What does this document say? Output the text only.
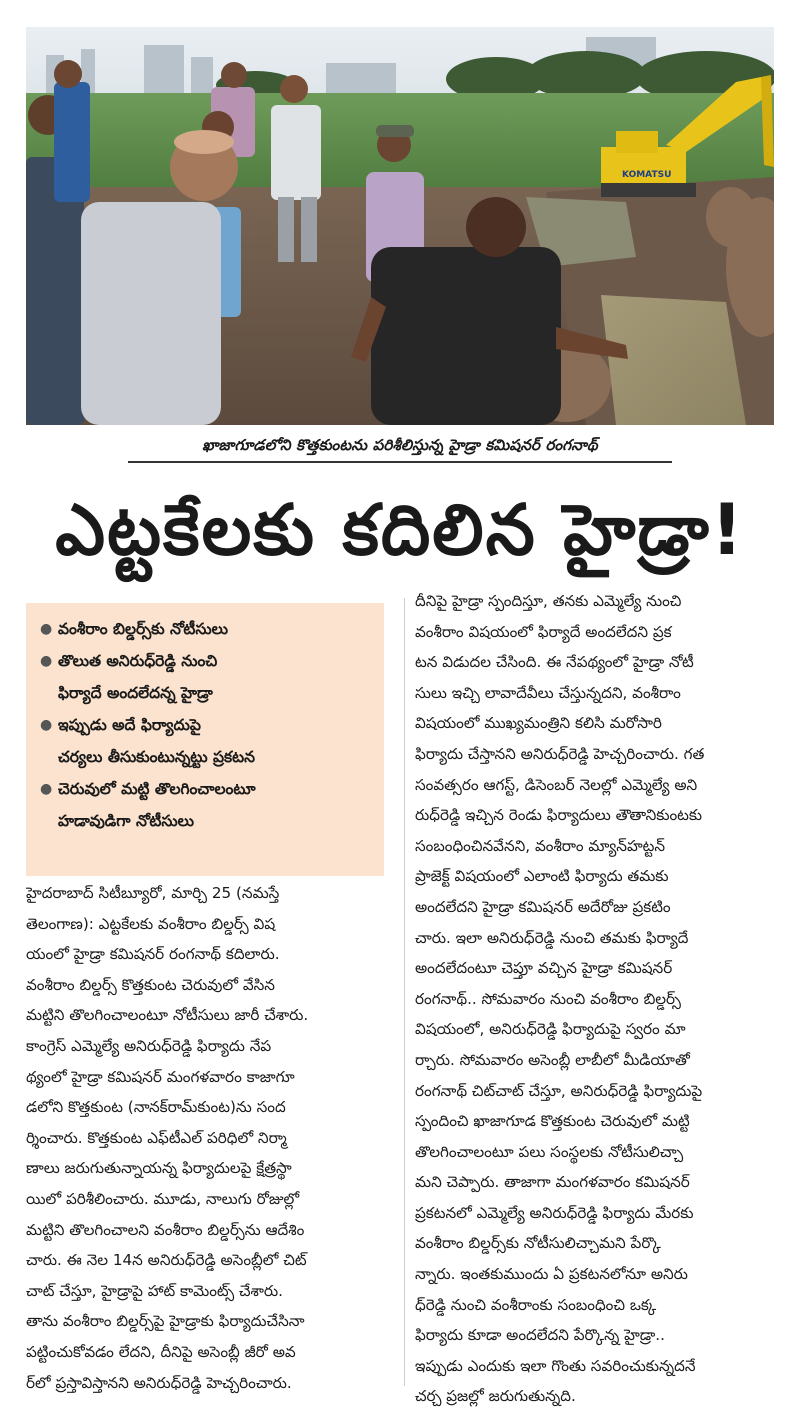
KOMATSU
ఖాజాగూడలోని కొత్తకుంటను పరిశీలిస్తున్న హైడ్రా కమిషనర్ రంగనాథ్
ఎట్టకేలకు కదిలిన హైడ్రా!
● వంశీరాం బిల్డర్స్‌కు నోటీసులు
● తొలుత అనిరుధ్‌రెడ్డి నుంచి
ఫిర్యాదే అందలేదన్న హైడ్రా
● ఇప్పుడు అదే ఫిర్యాదుపై
చర్యలు తీసుకుంటున్నట్టు ప్రకటన
● చెరువులో మట్టి తొలగించాలంటూ
హడావుడిగా నోటీసులు
హైదరాబాద్ సిటీబ్యూరో, మార్చి 25 (నమస్తే
తెలంగాణ): ఎట్టకేలకు వంశీరాం బిల్డర్స్ విష
యంలో హైడ్రా కమిషనర్ రంగనాథ్ కదిలారు.
వంశీరాం బిల్డర్స్ కొత్తకుంట చెరువులో వేసిన
మట్టిని తొలగించాలంటూ నోటీసులు జారీ చేశారు.
కాంగ్రెస్ ఎమ్మెల్యే అనిరుధ్‌రెడ్డి ఫిర్యాదు నేప
థ్యంలో హైడ్రా కమిషనర్ మంగళవారం కాజాగూ
డలోని కొత్తకుంట (నానక్‌రామ్‌కుంట)ను సంద
ర్శించారు. కొత్తకుంట ఎఫ్‌టీఎల్ పరిధిలో నిర్మా
ణాలు జరుగుతున్నాయన్న ఫిర్యాదులపై క్షేత్రస్థా
యిలో పరిశీలించారు. మూడు, నాలుగు రోజుల్లో
మట్టిని తొలగించాలని వంశీరాం బిల్డర్స్‌ను ఆదేశిం
చారు. ఈ నెల 14న అనిరుధ్‌రెడ్డి అసెంబ్లీలో చిట్
చాట్ చేస్తూ, హైడ్రాపై హాట్ కామెంట్స్ చేశారు.
తాను వంశీరాం బిల్డర్స్‌పై హైడ్రాకు ఫిర్యాదుచేసినా
పట్టించుకోవడం లేదని, దీనిపై అసెంబ్లీ జీరో అవ
ర్‌లో ప్రస్తావిస్తానని అనిరుధ్‌రెడ్డి హెచ్చరించారు.
దీనిపై హైడ్రా స్పందిస్తూ, తనకు ఎమ్మెల్యే నుంచి
వంశీరాం విషయంలో ఫిర్యాదే అందలేదని ప్రక
టన విడుదల చేసింది. ఈ నేపథ్యంలో హైడ్రా నోటీ
సులు ఇచ్చి లావాదేవీలు చేస్తున్నదని, వంశీరాం
విషయంలో ముఖ్యమంత్రిని కలిసి మరోసారి
ఫిర్యాదు చేస్తానని అనిరుధ్‌రెడ్డి హెచ్చరించారు. గత
సంవత్సరం ఆగస్ట్, డిసెంబర్ నెలల్లో ఎమ్మెల్యే అని
రుధ్‌రెడ్డి ఇచ్చిన రెండు ఫిర్యాదులు తౌతానికుంటకు
సంబంధించినవేనని, వంశీరాం మ్యాన్‌హట్టన్
ప్రాజెక్ట్ విషయంలో ఎలాంటి ఫిర్యాదు తమకు
అందలేదని హైడ్రా కమిషనర్ అదేరోజు ప్రకటిం
చారు. ఇలా అనిరుధ్‌రెడ్డి నుంచి తమకు ఫిర్యాదే
అందలేదంటూ చెప్తూ వచ్చిన హైడ్రా కమిషనర్
రంగనాథ్.. సోమవారం నుంచి వంశీరాం బిల్డర్స్
విషయంలో, అనిరుధ్‌రెడ్డి ఫిర్యాదుపై స్వరం మా
ర్చారు. సోమవారం అసెంబ్లీ లాబీలో మీడియాతో
రంగనాథ్ చిట్‌చాట్ చేస్తూ, అనిరుధ్‌రెడ్డి ఫిర్యాదుపై
స్పందించి ఖాజాగూడ కొత్తకుంట చెరువులో మట్టి
తొలగించాలంటూ పలు సంస్థలకు నోటీసులిచ్చా
మని చెప్పారు. తాజాగా మంగళవారం కమిషనర్
ప్రకటనలో ఎమ్మెల్యే అనిరుధ్‌రెడ్డి ఫిర్యాదు మేరకు
వంశీరాం బిల్డర్స్‌కు నోటీసులిచ్చామని పేర్కొ
న్నారు. ఇంతకుముందు ఏ ప్రకటనలోనూ అనిరు
ధ్‌రెడ్డి నుంచి వంశీరాంకు సంబంధించి ఒక్క
ఫిర్యాదు కూడా అందలేదని పేర్కొన్న హైడ్రా..
ఇప్పుడు ఎందుకు ఇలా గొంతు సవరించుకున్నదనే
చర్చ ప్రజల్లో జరుగుతున్నది.
